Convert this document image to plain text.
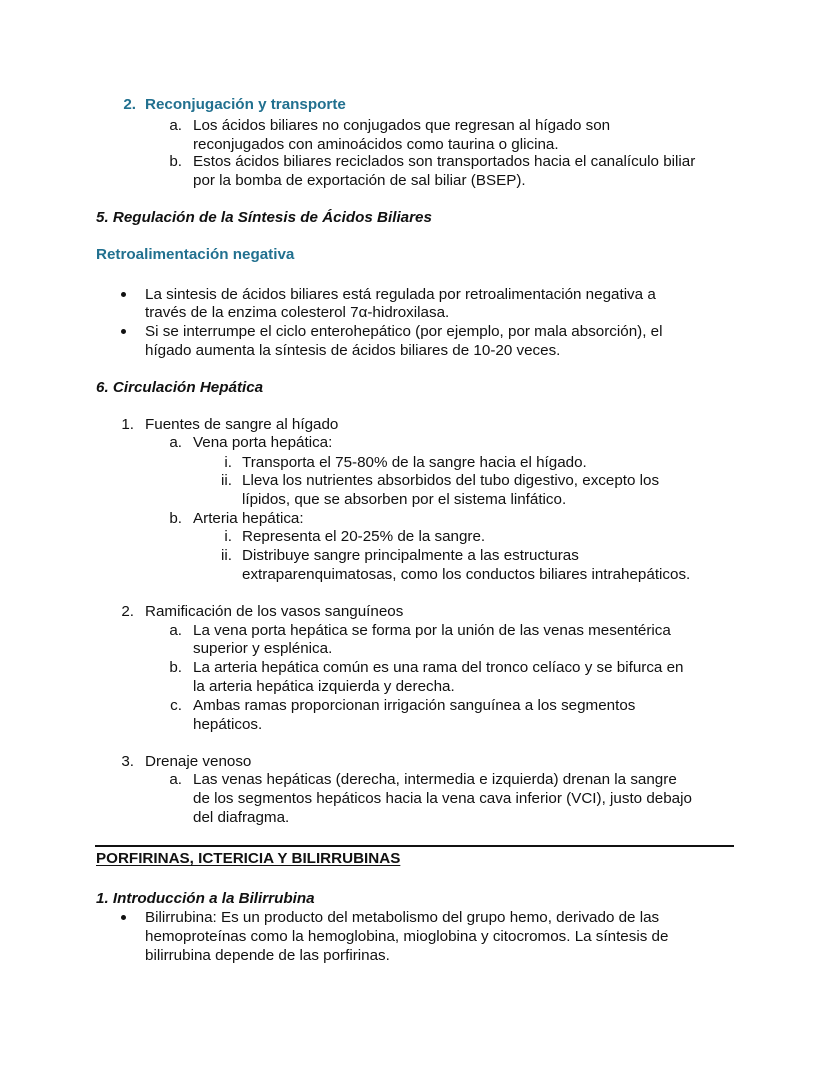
2. Reconjugación y transporte
a. Los ácidos biliares no conjugados que regresan al hígado son
reconjugados con aminoácidos como taurina o glicina.
b. Estos ácidos biliares reciclados son transportados hacia el canalículo biliar
por la bomba de exportación de sal biliar (BSEP).
5. Regulación de la Síntesis de Ácidos Biliares
Retroalimentación negativa
La sintesis de ácidos biliares está regulada por retroalimentación negativa a
través de la enzima colesterol 7α-hidroxilasa.
Si se interrumpe el ciclo enterohepático (por ejemplo, por mala absorción), el
hígado aumenta la síntesis de ácidos biliares de 10-20 veces.
6. Circulación Hepática
1. Fuentes de sangre al hígado
a. Vena porta hepática:
i. Transporta el 75-80% de la sangre hacia el hígado.
ii. Lleva los nutrientes absorbidos del tubo digestivo, excepto los
lípidos, que se absorben por el sistema linfático.
b. Arteria hepática:
i. Representa el 20-25% de la sangre.
ii. Distribuye sangre principalmente a las estructuras
extraparenquimatosas, como los conductos biliares intrahepáticos.
2. Ramificación de los vasos sanguíneos
a. La vena porta hepática se forma por la unión de las venas mesentérica
superior y esplénica.
b. La arteria hepática común es una rama del tronco celíaco y se bifurca en
la arteria hepática izquierda y derecha.
c. Ambas ramas proporcionan irrigación sanguínea a los segmentos
hepáticos.
3. Drenaje venoso
a. Las venas hepáticas (derecha, intermedia e izquierda) drenan la sangre
de los segmentos hepáticos hacia la vena cava inferior (VCI), justo debajo
del diafragma.
PORFIRINAS, ICTERICIA Y BILIRRUBINAS
1. Introducción a la Bilirrubina
Bilirrubina: Es un producto del metabolismo del grupo hemo, derivado de las
hemoproteínas como la hemoglobina, mioglobina y citocromos. La síntesis de
bilirrubina depende de las porfirinas.
